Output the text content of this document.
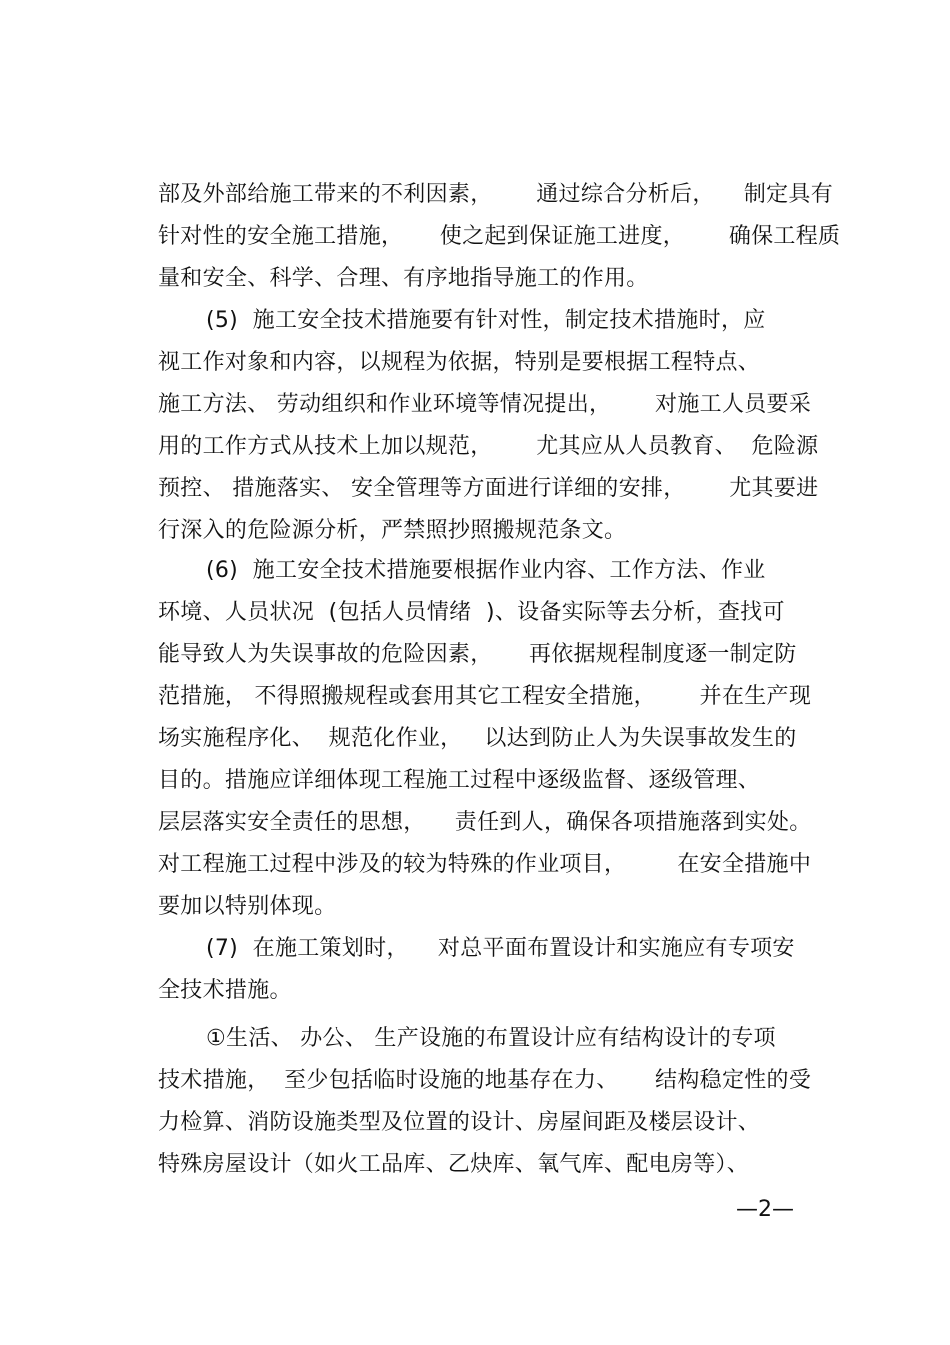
部及外部给施工带来的不利因素，      通过综合分析后，    制定具有
针对性的安全施工措施，     使之起到保证施工进度，      确保工程质
量和安全、科学、合理、有序地指导施工的作用。
(5)  施工安全技术措施要有针对性，制定技术措施时，应
视工作对象和内容，以规程为依据，特别是要根据工程特点、
施工方法、 劳动组织和作业环境等情况提出，      对施工人员要采
用的工作方式从技术上加以规范，      尤其应从人员教育、  危险源
预控、 措施落实、 安全管理等方面进行详细的安排，      尤其要进
行深入的危险源分析，严禁照抄照搬规范条文。
(6)  施工安全技术措施要根据作业内容、工作方法、作业
环境、人员状况  (包括人员情绪  )、设备实际等去分析，查找可
能导致人为失误事故的危险因素，     再依据规程制度逐一制定防
范措施， 不得照搬规程或套用其它工程安全措施，      并在生产现
场实施程序化、  规范化作业，   以达到防止人为失误事故发生的
目的。措施应详细体现工程施工过程中逐级监督、逐级管理、
层层落实安全责任的思想，    责任到人，确保各项措施落到实处。
对工程施工过程中涉及的较为特殊的作业项目，       在安全措施中
要加以特别体现。
(7)  在施工策划时，    对总平面布置设计和实施应有专项安
全技术措施。
①生活、 办公、 生产设施的布置设计应有结构设计的专项
技术措施，  至少包括临时设施的地基存在力、     结构稳定性的受
力检算、消防设施类型及位置的设计、房屋间距及楼层设计、
特殊房屋设计（如火工品库、乙炔库、氧气库、配电房等）、
—2—
